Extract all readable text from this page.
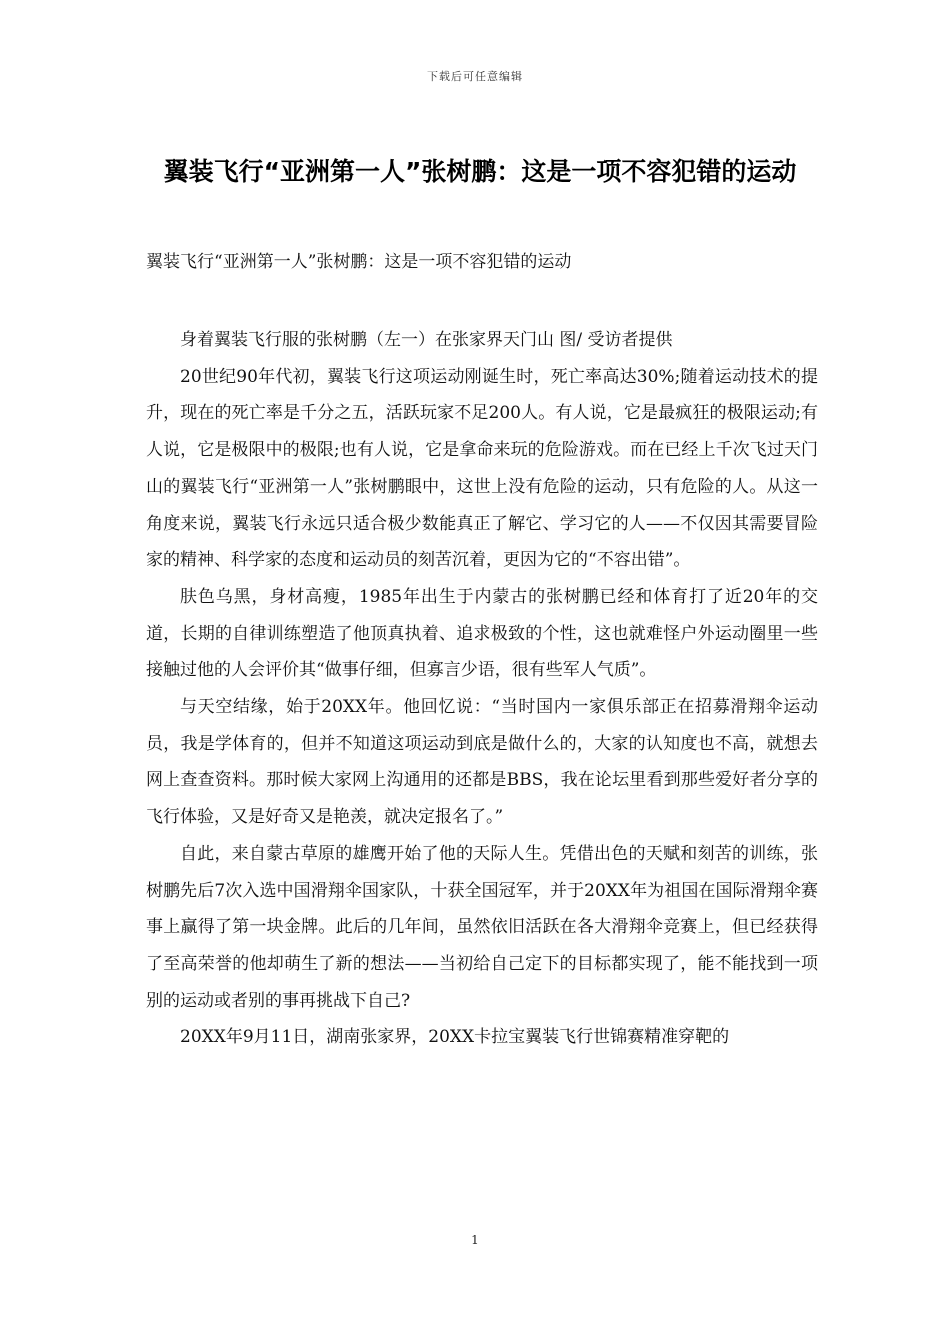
下载后可任意编辑
翼装飞行“亚洲第一人”张树鹏：这是一项不容犯错的运动
翼装飞行“亚洲第一人”张树鹏：这是一项不容犯错的运动

身着翼装飞行服的张树鹏（左一）在张家界天门山 图/ 受访者提供

20世纪90年代初，翼装飞行这项运动刚诞生时，死亡率高达30%;随着运动技术的提升，现在的死亡率是千分之五，活跃玩家不足200人。有人说，它是最疯狂的极限运动;有人说，它是极限中的极限;也有人说，它是拿命来玩的危险游戏。而在已经上千次飞过天门山的翼装飞行“亚洲第一人”张树鹏眼中，这世上没有危险的运动，只有危险的人。从这一角度来说，翼装飞行永远只适合极少数能真正了解它、学习它的人——不仅因其需要冒险家的精神、科学家的态度和运动员的刻苦沉着，更因为它的“不容出错”。

肤色乌黑，身材高瘦，1985年出生于内蒙古的张树鹏已经和体育打了近20年的交道，长期的自律训练塑造了他顶真执着、追求极致的个性，这也就难怪户外运动圈里一些接触过他的人会评价其“做事仔细，但寡言少语，很有些军人气质”。

与天空结缘，始于20XX年。他回忆说：“当时国内一家俱乐部正在招募滑翔伞运动员，我是学体育的，但并不知道这项运动到底是做什么的，大家的认知度也不高，就想去网上查查资料。那时候大家网上沟通用的还都是BBS，我在论坛里看到那些爱好者分享的飞行体验，又是好奇又是艳羡，就决定报名了。”

自此，来自蒙古草原的雄鹰开始了他的天际人生。凭借出色的天赋和刻苦的训练，张树鹏先后7次入选中国滑翔伞国家队，十获全国冠军，并于20XX年为祖国在国际滑翔伞赛事上赢得了第一块金牌。此后的几年间，虽然依旧活跃在各大滑翔伞竞赛上，但已经获得了至高荣誉的他却萌生了新的想法——当初给自己定下的目标都实现了，能不能找到一项别的运动或者别的事再挑战下自己?

20XX年9月11日，湖南张家界，20XX卡拉宝翼装飞行世锦赛精准穿靶的

1
